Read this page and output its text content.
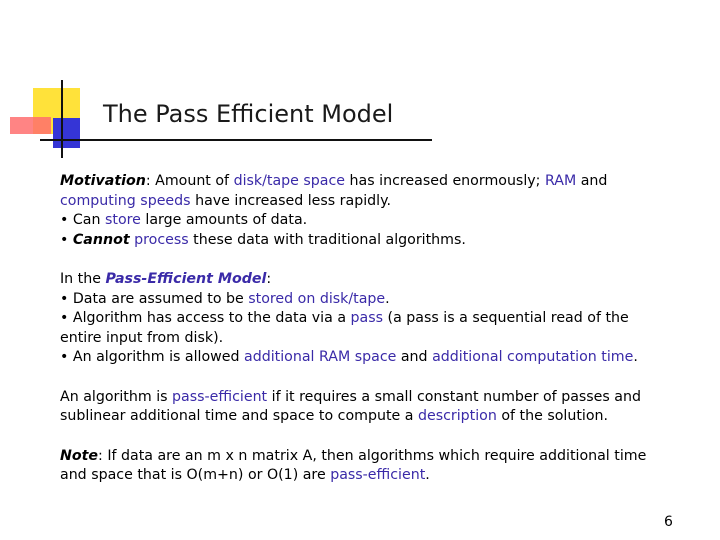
The Pass Efficient Model

Motivation: Amount of disk/tape space has increased enormously; RAM and
computing speeds have increased less rapidly.
• Can store large amounts of data.
• Cannot process these data with traditional algorithms.

In the Pass-Efficient Model:
• Data are assumed to be stored on disk/tape.
• Algorithm has access to the data via a pass (a pass is a sequential read of the
entire input from disk).
• An algorithm is allowed additional RAM space and additional computation time.

An algorithm is pass-efficient if it requires a small constant number of passes and
sublinear additional time and space to compute a description of the solution.

Note: If data are an m x n matrix A, then algorithms which require additional time
and space that is O(m+n) or O(1) are pass-efficient.

6
